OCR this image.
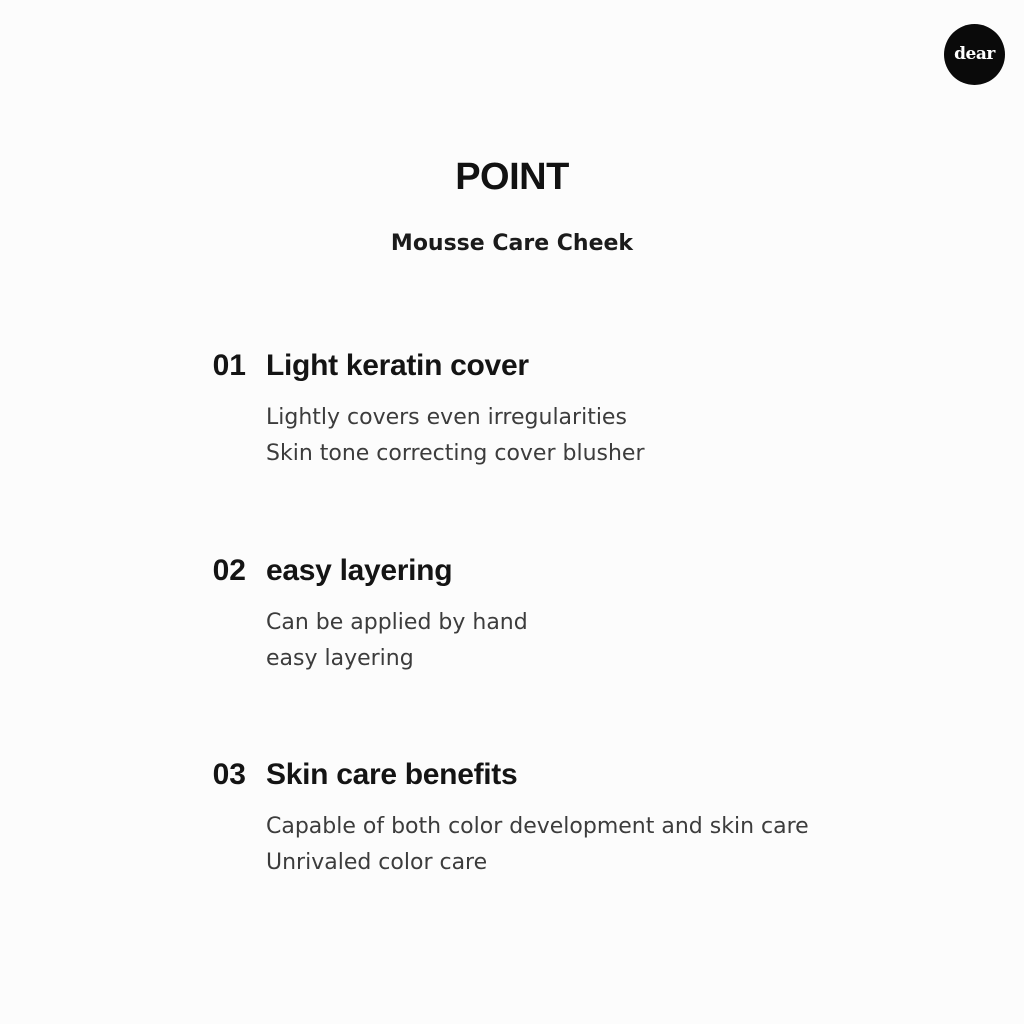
dear
POINT
Mousse Care Cheek
01 Light keratin cover
Lightly covers even irregularities
Skin tone correcting cover blusher
02 easy layering
Can be applied by hand
easy layering
03 Skin care benefits
Capable of both color development and skin care
Unrivaled color care
